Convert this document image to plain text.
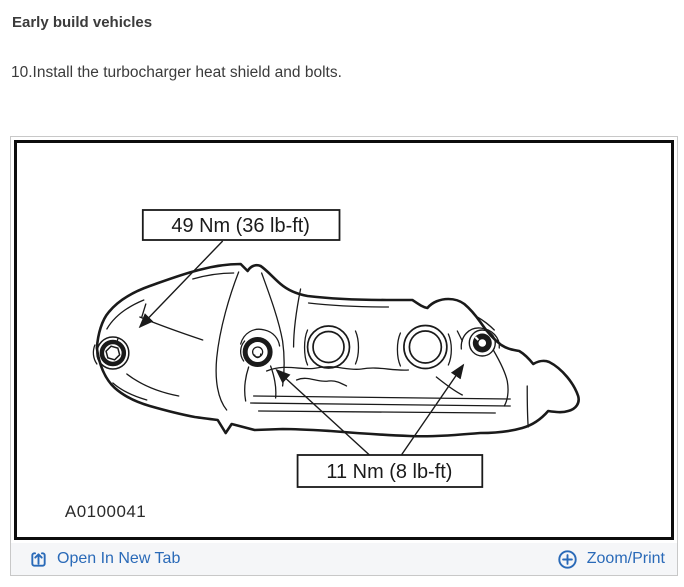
Early build vehicles
10.Install the turbocharger heat shield and bolts.
49 Nm (36 lb-ft)
11 Nm (8 lb-ft)
A0100041
Open In New Tab	Zoom/Print
